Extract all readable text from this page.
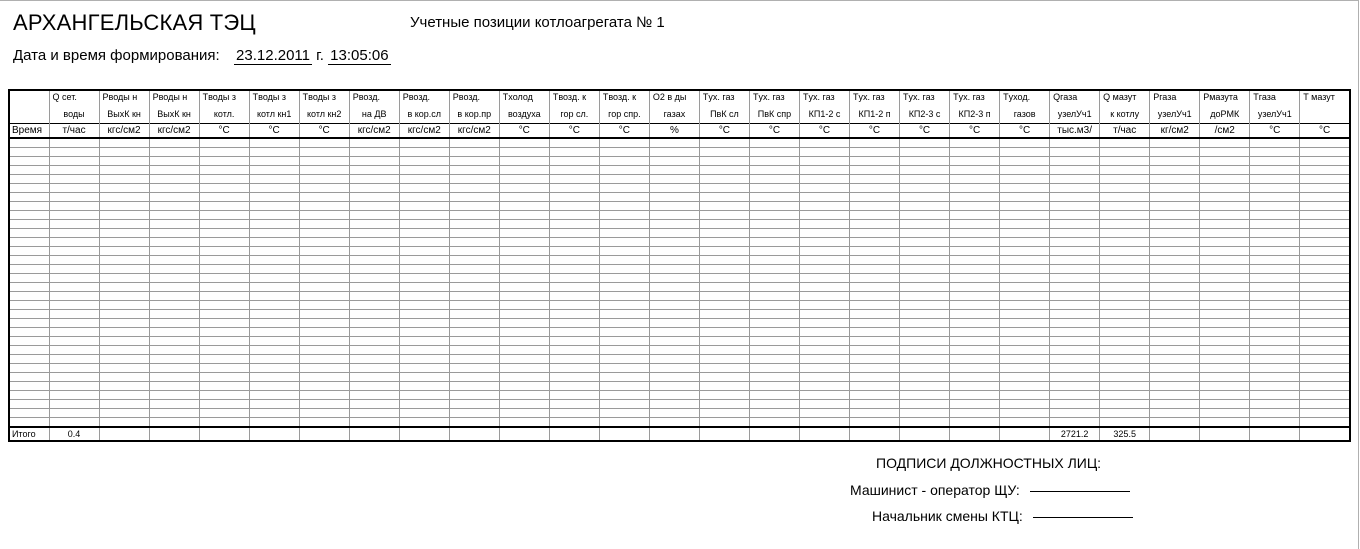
АРХАНГЕЛЬСКАЯ ТЭЦ	Учетные позиции котлоагрегата № 1
Дата и время формирования: 23.12.2011 г. 13:05:06
	Q сет.	Pводы н	Pводы н	Tводы з	Tводы з	Tводы з	Pвозд.	Pвозд.	Pвозд.	Tхолод	Tвозд. к	Tвозд. к	O2 в ды	Tух. газ	Tух. газ	Tух. газ	Tух. газ	Tух. газ	Tух. газ	Tуход.	Qгаза	Q мазут	Pгаза	Pмазута	Tгаза	T мазут
	воды	ВыхК кн	ВыхК кн	котл.	котл кн1	котл кн2	на ДВ	в кор.сл	в кор.пр	воздуха	гор сл.	гор спр.	газах	ПвК сл	ПвК спр	КП1-2 с	КП1-2 п	КП2-3 с	КП2-3 п	газов	узелУч1	к котлу	узелУч1	доРМК	узелУч1	
Время	т/час	кгс/см2	кгс/см2	°C	°C	°C	кгс/см2	кгс/см2	кгс/см2	°C	°C	°C	%	°C	°C	°C	°C	°C	°C	°C	тыс.м3/	т/час	кг/см2	/см2	°C	°C

Итого	0.4																				2721.2	325.5				
ПОДПИСИ ДОЛЖНОСТНЫХ ЛИЦ:
Машинист - оператор ЩУ:
Начальник смены КТЦ:
